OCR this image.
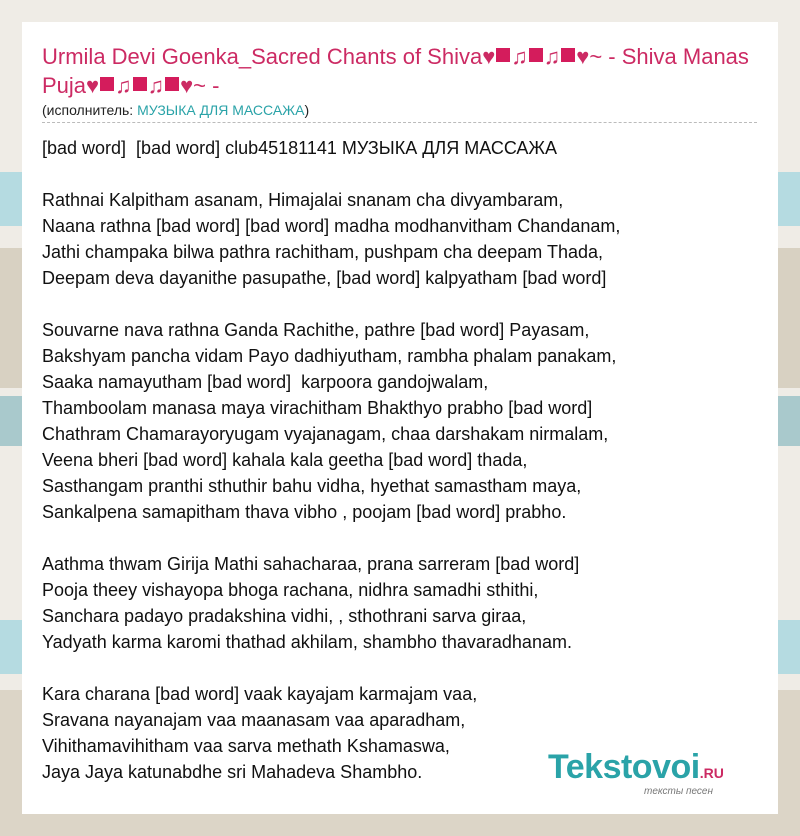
Urmila Devi Goenka_Sacred Chants of Shiva♥ ♫ ♫ ♥~ - Shiva Manas Puja♥ ♫ ♫ ♥~ -
(исполнитель: МУЗЫКА ДЛЯ МАССАЖА)
[bad word]  [bad word] club45181141 МУЗЫКА ДЛЯ МАССАЖА
Rathnai Kalpitham asanam, Himajalai snanam cha divyambaram,
Naana rathna [bad word] [bad word] madha modhanvitham Chandanam,
Jathi champaka bilwa pathra rachitham, pushpam cha deepam Thada,
Deepam deva dayanithe pasupathe, [bad word] kalpyatham [bad word]
Souvarne nava rathna Ganda Rachithe, pathre [bad word] Payasam,
Bakshyam pancha vidam Payo dadhiyutham, rambha phalam panakam,
Saaka namayutham [bad word]  karpoora gandojwalam,
Thamboolam manasa maya virachitham Bhakthyo prabho [bad word]
Chathram Chamarayoryugam vyajanagam, chaa darshakam nirmalam,
Veena bheri [bad word] kahala kala geetha [bad word] thada,
Sasthangam pranthi sthuthir bahu vidha, hyethat samastham maya,
Sankalpena samapitham thava vibho , poojam [bad word] prabho.
Aathma thwam Girija Mathi sahacharaa, prana sarreram [bad word]
Pooja theey vishayopa bhoga rachana, nidhra samadhi sthithi,
Sanchara padayo pradakshina vidhi, , sthothrani sarva giraa,
Yadyath karma karomi thathad akhilam, shambho thavaradhanam.
Kara charana [bad word] vaak kayajam karmajam vaa,
Sravana nayanajam vaa maanasam vaa aparadham,
Vihithamavihitham vaa sarva methath Kshamaswa,
Jaya Jaya katunabdhe sri Mahadeva Shambho.	Tekstovoi.RU
тексты песен
